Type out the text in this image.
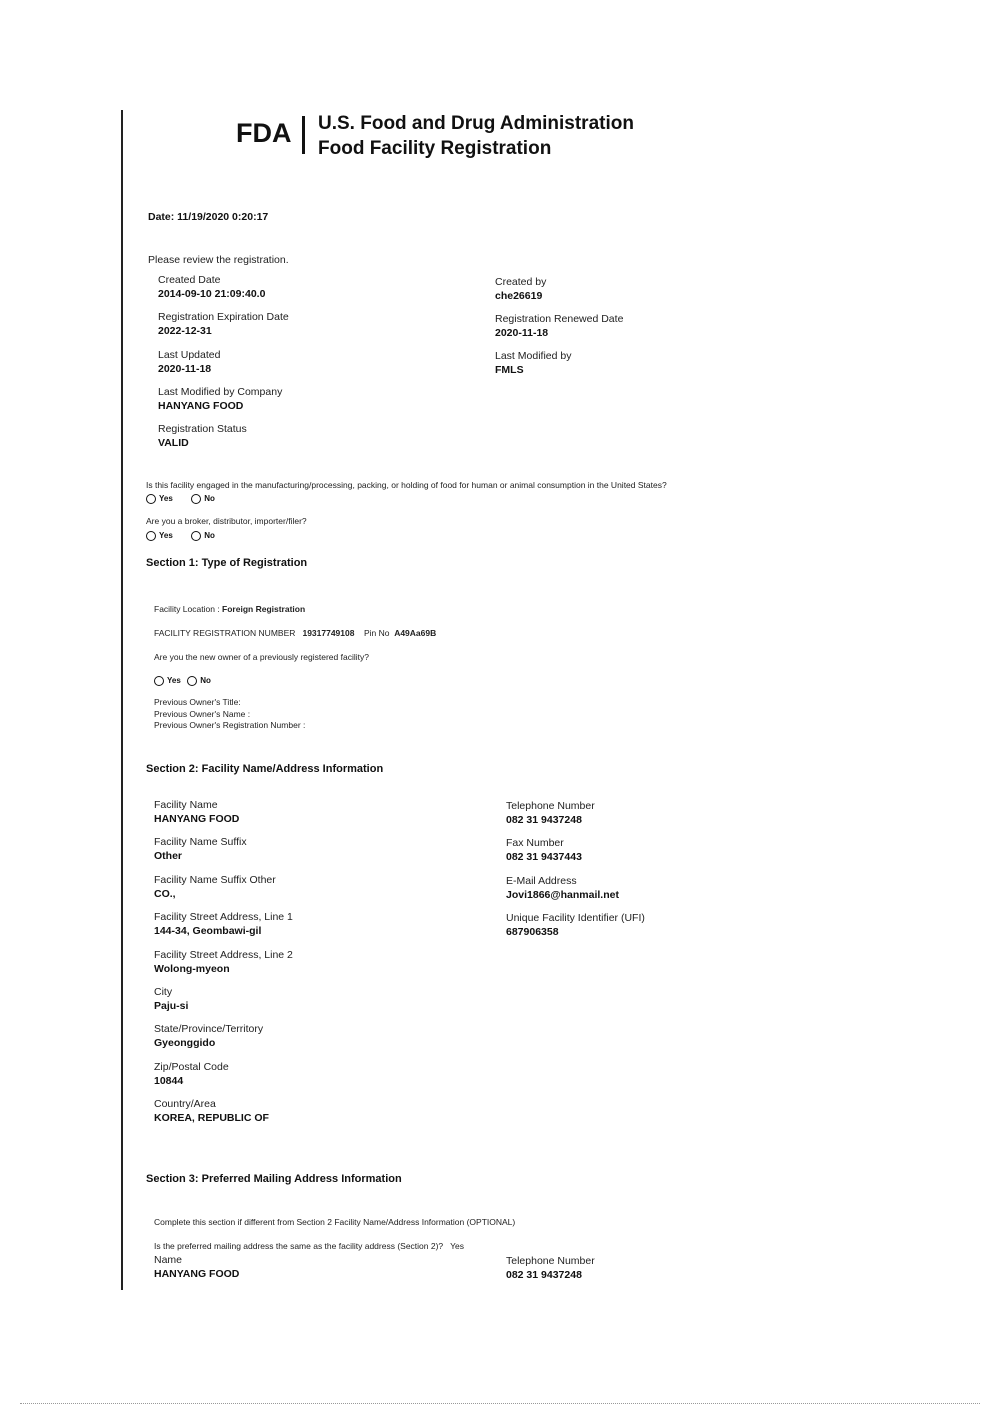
FDA U.S. Food and Drug Administration
Food Facility Registration
Date: 11/19/2020 0:20:17
Please review the registration.
Created Date
2014-09-10 21:09:40.0
Created by
che26619
Registration Expiration Date
2022-12-31
Registration Renewed Date
2020-11-18
Last Updated
2020-11-18
Last Modified by
FMLS
Last Modified by Company
HANYANG FOOD
Registration Status
VALID
Is this facility engaged in the manufacturing/processing, packing, or holding of food for human or animal consumption in the United States?
Yes	No
Are you a broker, distributor, importer/filer?
Yes	No
Section 1: Type of Registration
Facility Location : Foreign Registration
FACILITY REGISTRATION NUMBER 19317749108 Pin No A49Aa69B
Are you the new owner of a previously registered facility?
Yes No
Previous Owner's Title:
Previous Owner's Name :
Previous Owner's Registration Number :
Section 2: Facility Name/Address Information
Facility Name
HANYANG FOOD
Facility Name Suffix
Other
Facility Name Suffix Other
CO.,
Facility Street Address, Line 1
144-34, Geombawi-gil
Facility Street Address, Line 2
Wolong-myeon
City
Paju-si
State/Province/Territory
Gyeonggido
Zip/Postal Code
10844
Country/Area
KOREA, REPUBLIC OF
Telephone Number
082 31 9437248
Fax Number
082 31 9437443
E-Mail Address
Jovi1866@hanmail.net
Unique Facility Identifier (UFI)
687906358
Section 3: Preferred Mailing Address Information
Complete this section if different from Section 2 Facility Name/Address Information (OPTIONAL)
Is the preferred mailing address the same as the facility address (Section 2)? Yes
Name
HANYANG FOOD
Telephone Number
082 31 9437248
